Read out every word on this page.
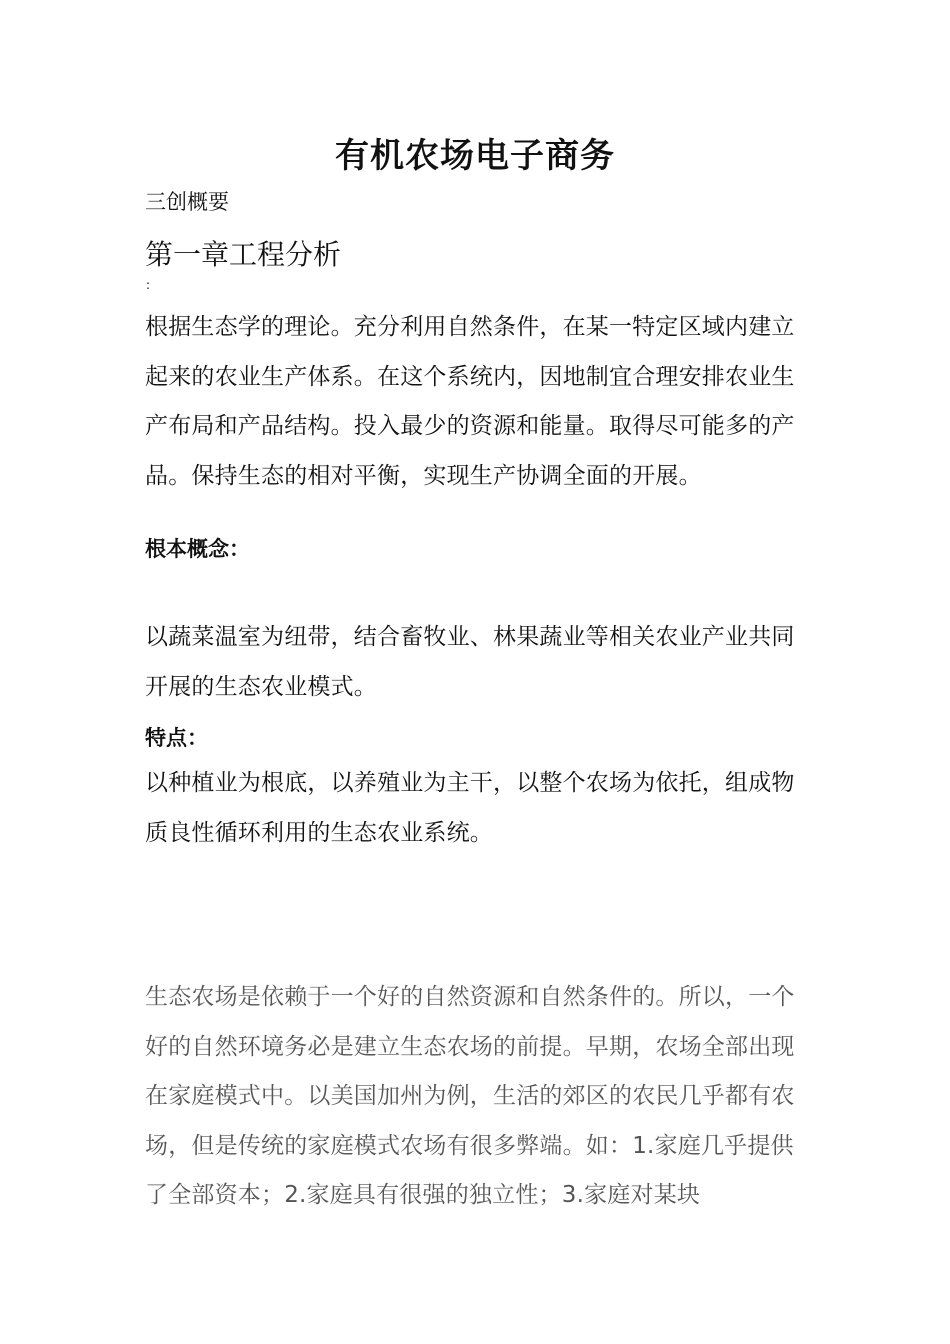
有机农场电子商务
三创概要
第一章工程分析
:
根据生态学的理论。充分利用自然条件，在某一特定区域内建立起来的农业生产体系。在这个系统内，因地制宜合理安排农业生产布局和产品结构。投入最少的资源和能量。取得尽可能多的产品。保持生态的相对平衡，实现生产协调全面的开展。
根本概念：
以蔬菜温室为纽带，结合畜牧业、林果蔬业等相关农业产业共同开展的生态农业模式。
特点：
以种植业为根底，以养殖业为主干，以整个农场为依托，组成物质良性循环利用的生态农业系统。
生态农场是依赖于一个好的自然资源和自然条件的。所以，一个好的自然环境务必是建立生态农场的前提。早期，农场全部出现在家庭模式中。以美国加州为例，生活的郊区的农民几乎都有农场，但是传统的家庭模式农场有很多弊端。如：1.家庭几乎提供了全部资本；2.家庭具有很强的独立性；3.家庭对某块
